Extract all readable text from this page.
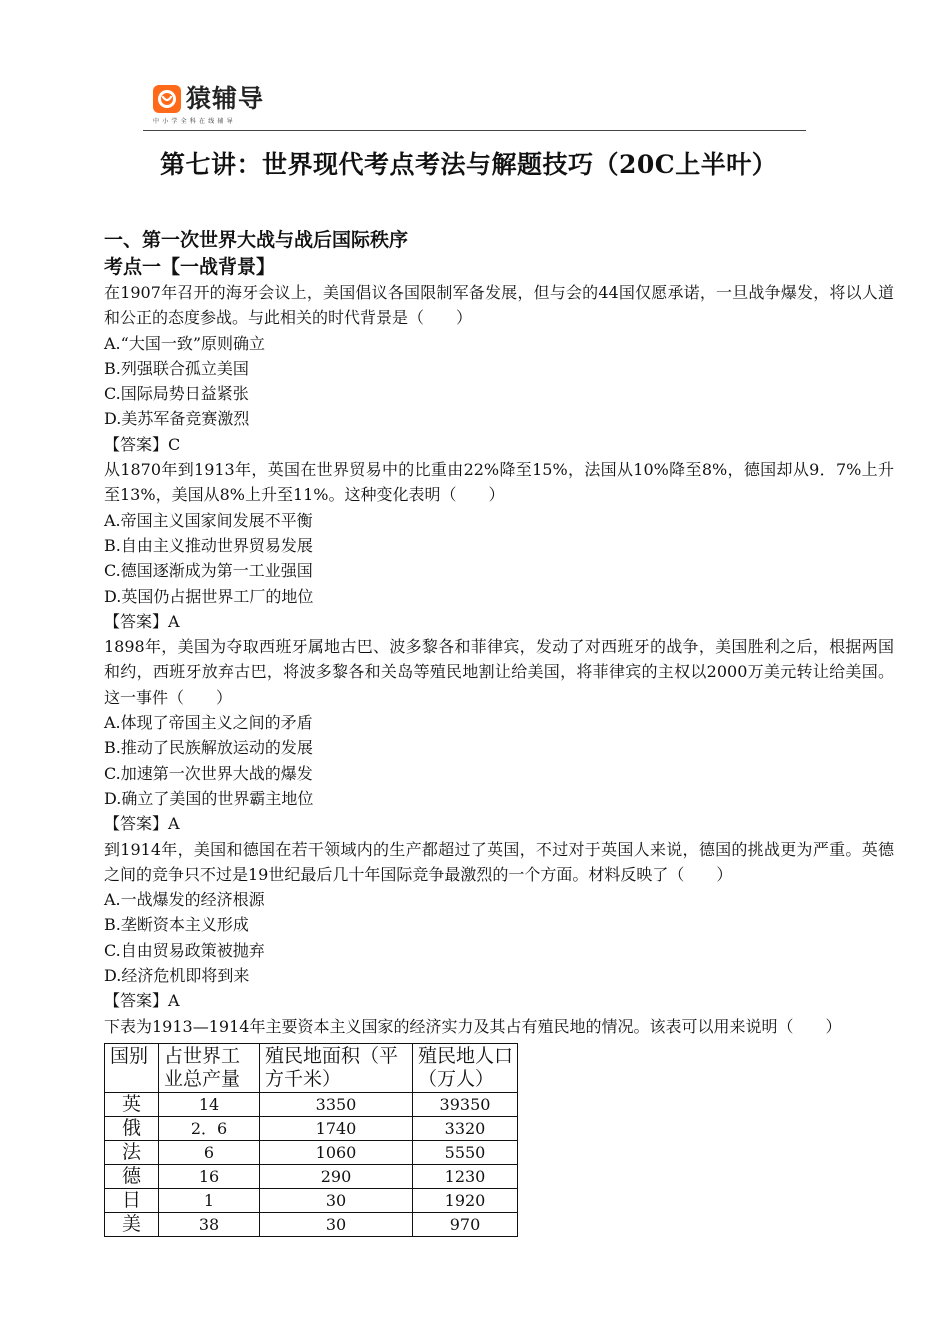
猿辅导
中小学全科在线辅导
第七讲：世界现代考点考法与解题技巧（20C上半叶）
一、第一次世界大战与战后国际秩序
考点一【一战背景】
在1907年召开的海牙会议上，美国倡议各国限制军备发展，但与会的44国仅愿承诺，一旦战争爆发，将以人道和公正的态度参战。与此相关的时代背景是（　　）
A.“大国一致”原则确立
B.列强联合孤立美国
C.国际局势日益紧张
D.美苏军备竞赛激烈
【答案】C
从1870年到1913年，英国在世界贸易中的比重由22%降至15%，法国从10%降至8%，德国却从9．7%上升至13%，美国从8%上升至11%。这种变化表明（　　）
A.帝国主义国家间发展不平衡
B.自由主义推动世界贸易发展
C.德国逐渐成为第一工业强国
D.英国仍占据世界工厂的地位
【答案】A
1898年，美国为夺取西班牙属地古巴、波多黎各和菲律宾，发动了对西班牙的战争，美国胜利之后，根据两国和约，西班牙放弃古巴，将波多黎各和关岛等殖民地割让给美国，将菲律宾的主权以2000万美元转让给美国。这一事件（　　）
A.体现了帝国主义之间的矛盾
B.推动了民族解放运动的发展
C.加速第一次世界大战的爆发
D.确立了美国的世界霸主地位
【答案】A
到1914年，美国和德国在若干领域内的生产都超过了英国，不过对于英国人来说，德国的挑战更为严重。英德之间的竞争只不过是19世纪最后几十年国际竞争最激烈的一个方面。材料反映了（　　）
A.一战爆发的经济根源
B.垄断资本主义形成
C.自由贸易政策被抛弃
D.经济危机即将到来
【答案】A
下表为1913—1914年主要资本主义国家的经济实力及其占有殖民地的情况。该表可以用来说明（　　）
国别	占世界工业总产量	殖民地面积（平方千米）	殖民地人口（万人）
英	14	3350	39350
俄	2．6	1740	3320
法	6	1060	5550
德	16	290	1230
日	1	30	1920
美	38	30	970
